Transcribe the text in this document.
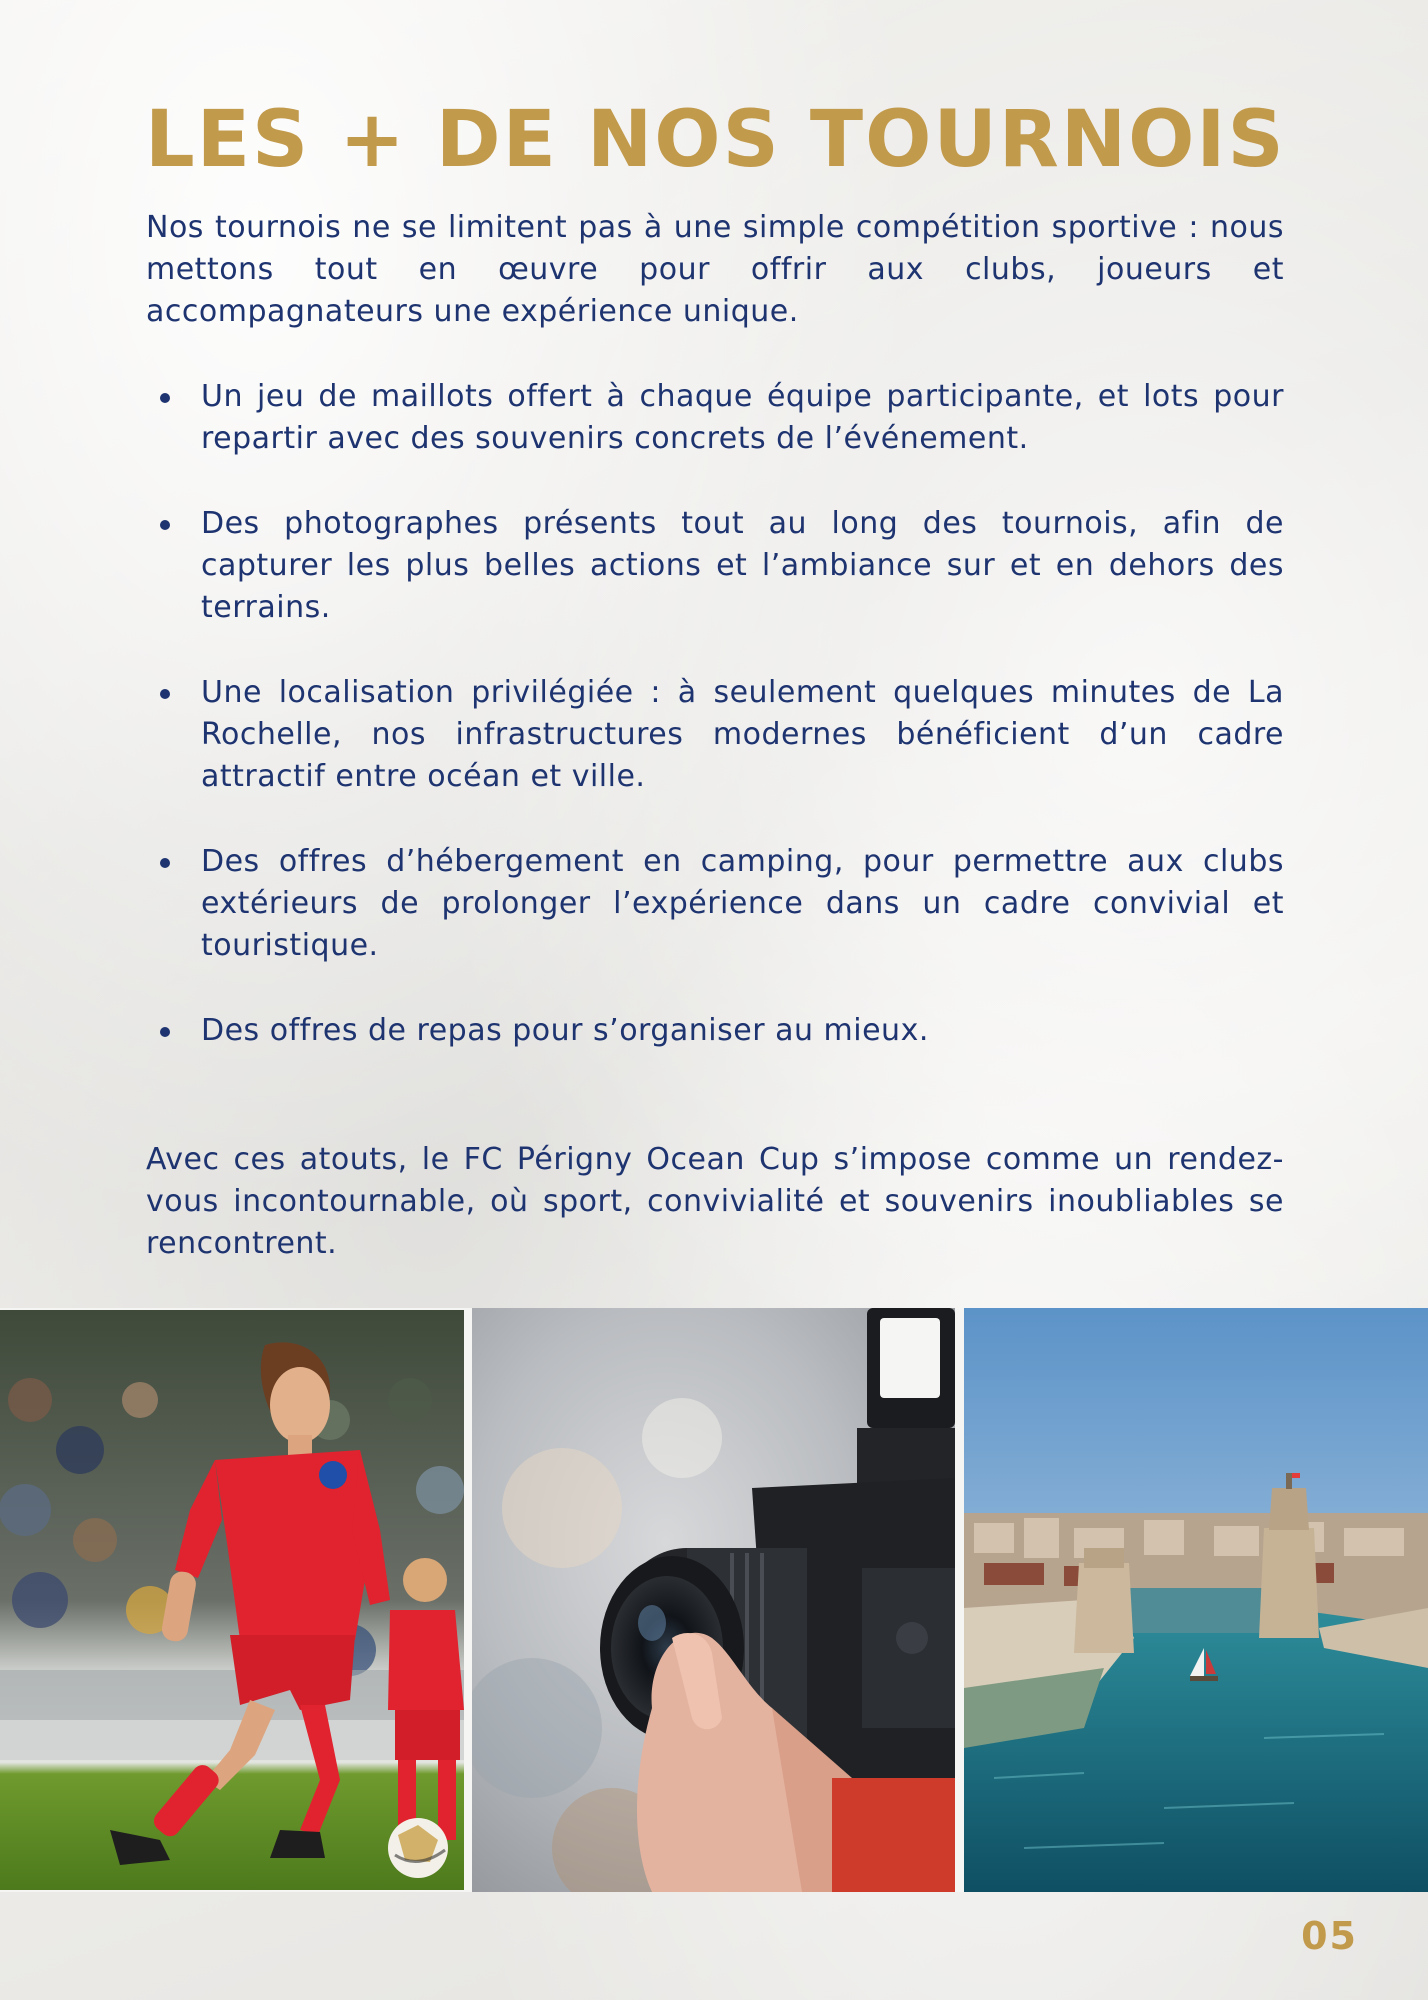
LES + DE NOS TOURNOIS

Nos tournois ne se limitent pas à une simple compétition sportive : nous mettons tout en œuvre pour offrir aux clubs, joueurs et accompagnateurs une expérience unique.

Un jeu de maillots offert à chaque équipe participante, et lots pour repartir avec des souvenirs concrets de l’événement.
Des photographes présents tout au long des tournois, afin de capturer les plus belles actions et l’ambiance sur et en dehors des terrains.
Une localisation privilégiée : à seulement quelques minutes de La Rochelle, nos infrastructures modernes bénéficient d’un cadre attractif entre océan et ville.
Des offres d’hébergement en camping, pour permettre aux clubs extérieurs de prolonger l’expérience dans un cadre convivial et touristique.
Des offres de repas pour s’organiser au mieux.

Avec ces atouts, le FC Périgny Ocean Cup s’impose comme un rendez-vous incontournable, où sport, convivialité et souvenirs inoubliables se rencontrent.

05
